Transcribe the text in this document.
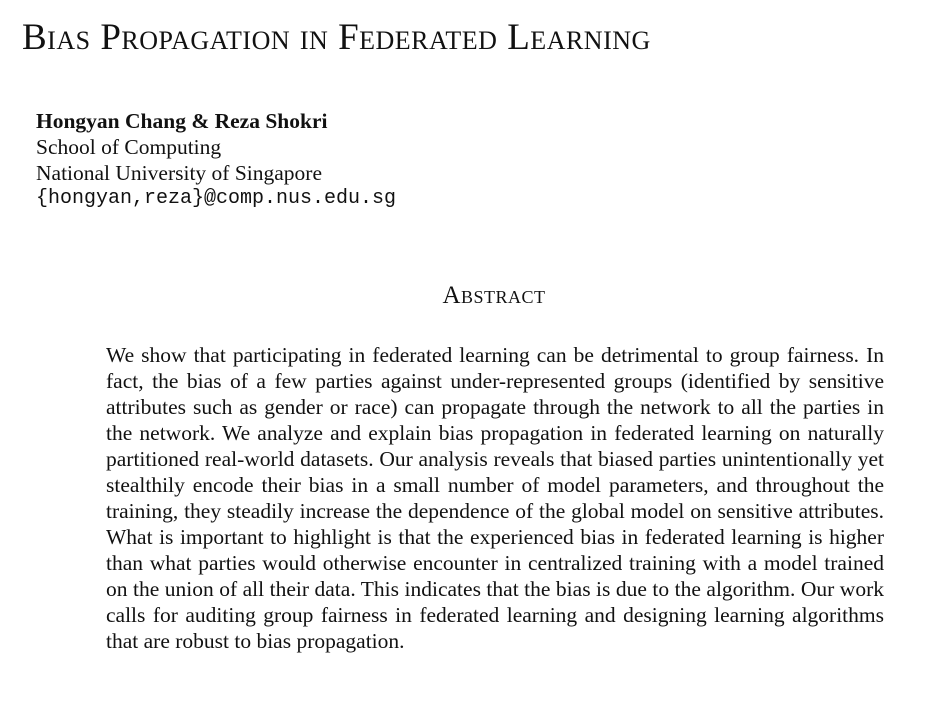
Bias Propagation in Federated Learning
Hongyan Chang & Reza Shokri
School of Computing
National University of Singapore
{hongyan,reza}@comp.nus.edu.sg
Abstract
We show that participating in federated learning can be detrimental to group fairness. In fact, the bias of a few parties against under-represented groups (identified by sensitive attributes such as gender or race) can propagate through the network to all the parties in the network. We analyze and explain bias propagation in federated learning on naturally partitioned real-world datasets. Our analysis reveals that biased parties unintentionally yet stealthily encode their bias in a small number of model parameters, and throughout the training, they steadily increase the dependence of the global model on sensitive attributes. What is important to highlight is that the experienced bias in federated learning is higher than what parties would otherwise encounter in centralized training with a model trained on the union of all their data. This indicates that the bias is due to the algorithm. Our work calls for auditing group fairness in federated learning and designing learning algorithms that are robust to bias propagation.
